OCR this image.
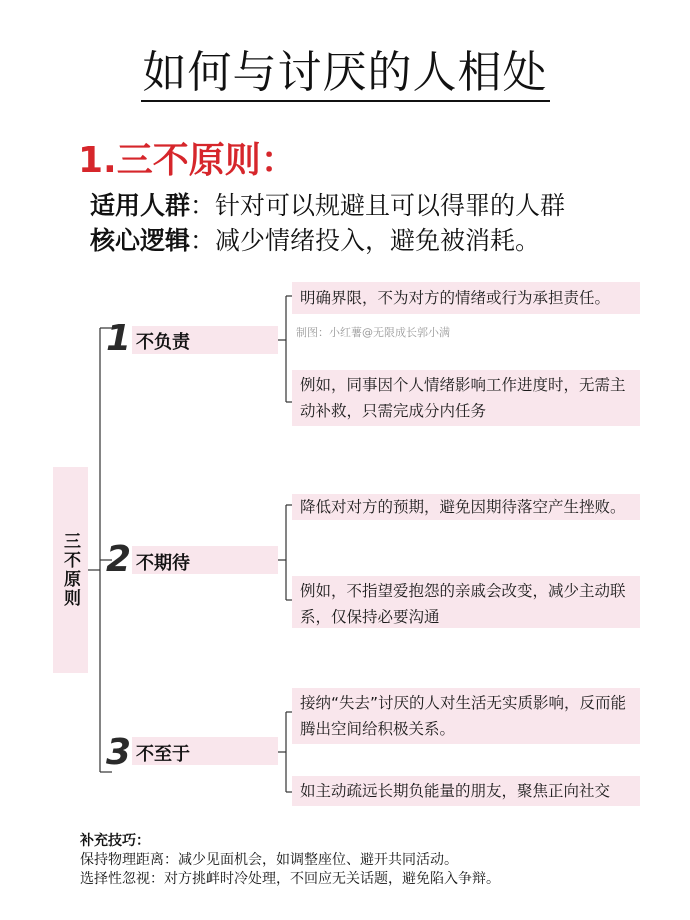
如何与讨厌的人相处
1.三不原则：
适用人群：针对可以规避且可以得罪的人群
核心逻辑：减少情绪投入，避免被消耗。
三不原则
1 不负责
明确界限，不为对方的情绪或行为承担责任。
制图：小红薯@无限成长郭小满
例如，同事因个人情绪影响工作进度时，无需主动补救，只需完成分内任务
2 不期待
降低对对方的预期，避免因期待落空产生挫败。
例如，不指望爱抱怨的亲戚会改变，减少主动联系，仅保持必要沟通
3 不至于
接纳“失去”讨厌的人对生活无实质影响，反而能腾出空间给积极关系。
如主动疏远长期负能量的朋友，聚焦正向社交
补充技巧：
保持物理距离：减少见面机会，如调整座位、避开共同活动。
选择性忽视：对方挑衅时冷处理，不回应无关话题，避免陷入争辩。
